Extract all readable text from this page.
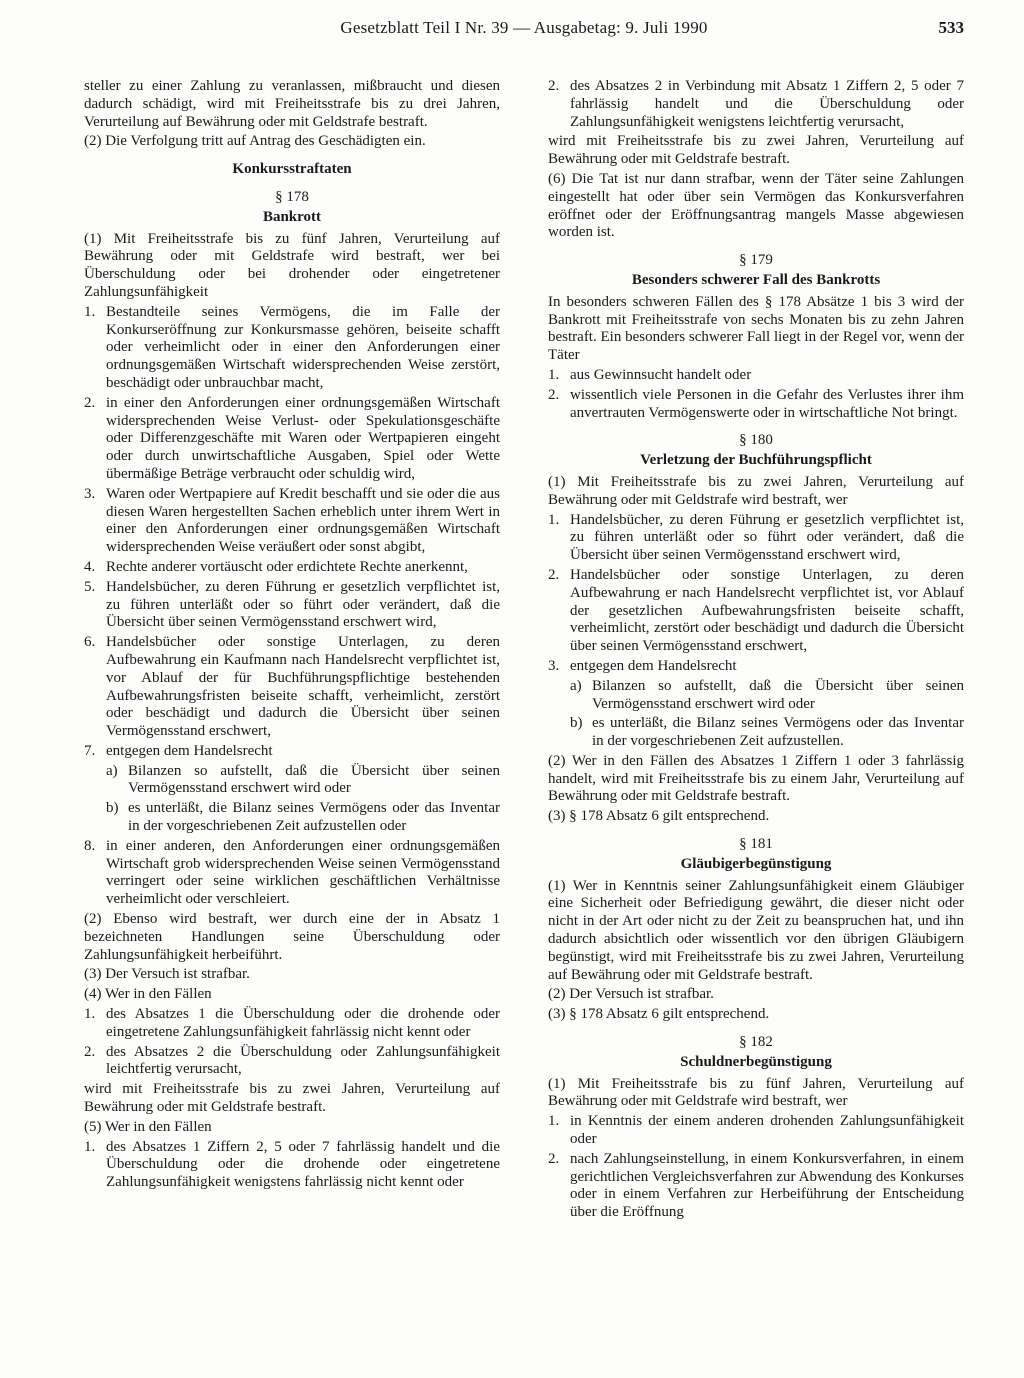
Gesetzblatt Teil I Nr. 39 — Ausgabetag: 9. Juli 1990	533
steller zu einer Zahlung zu veranlassen, mißbraucht und diesen dadurch schädigt, wird mit Freiheitsstrafe bis zu drei Jahren, Verurteilung auf Bewährung oder mit Geldstrafe bestraft.
(2) Die Verfolgung tritt auf Antrag des Geschädigten ein.
Konkursstraftaten
§ 178
Bankrott
(1) Mit Freiheitsstrafe bis zu fünf Jahren, Verurteilung auf Bewährung oder mit Geldstrafe wird bestraft, wer bei Überschuldung oder bei drohender oder eingetretener Zahlungsunfähigkeit
1. Bestandteile seines Vermögens, die im Falle der Konkurseröffnung zur Konkursmasse gehören, beiseite schafft oder verheimlicht oder in einer den Anforderungen einer ordnungsgemäßen Wirtschaft widersprechenden Weise zerstört, beschädigt oder unbrauchbar macht,
2. in einer den Anforderungen einer ordnungsgemäßen Wirtschaft widersprechenden Weise Verlust- oder Spekulationsgeschäfte oder Differenzgeschäfte mit Waren oder Wertpapieren eingeht oder durch unwirtschaftliche Ausgaben, Spiel oder Wette übermäßige Beträge verbraucht oder schuldig wird,
3. Waren oder Wertpapiere auf Kredit beschafft und sie oder die aus diesen Waren hergestellten Sachen erheblich unter ihrem Wert in einer den Anforderungen einer ordnungsgemäßen Wirtschaft widersprechenden Weise veräußert oder sonst abgibt,
4. Rechte anderer vortäuscht oder erdichtete Rechte anerkennt,
5. Handelsbücher, zu deren Führung er gesetzlich verpflichtet ist, zu führen unterläßt oder so führt oder verändert, daß die Übersicht über seinen Vermögensstand erschwert wird,
6. Handelsbücher oder sonstige Unterlagen, zu deren Aufbewahrung ein Kaufmann nach Handelsrecht verpflichtet ist, vor Ablauf der für Buchführungspflichtige bestehenden Aufbewahrungsfristen beiseite schafft, verheimlicht, zerstört oder beschädigt und dadurch die Übersicht über seinen Vermögensstand erschwert,
7. entgegen dem Handelsrecht
a) Bilanzen so aufstellt, daß die Übersicht über seinen Vermögensstand erschwert wird oder
b) es unterläßt, die Bilanz seines Vermögens oder das Inventar in der vorgeschriebenen Zeit aufzustellen oder
8. in einer anderen, den Anforderungen einer ordnungsgemäßen Wirtschaft grob widersprechenden Weise seinen Vermögensstand verringert oder seine wirklichen geschäftlichen Verhältnisse verheimlicht oder verschleiert.
(2) Ebenso wird bestraft, wer durch eine der in Absatz 1 bezeichneten Handlungen seine Überschuldung oder Zahlungsunfähigkeit herbeiführt.
(3) Der Versuch ist strafbar.
(4) Wer in den Fällen
1. des Absatzes 1 die Überschuldung oder die drohende oder eingetretene Zahlungsunfähigkeit fahrlässig nicht kennt oder
2. des Absatzes 2 die Überschuldung oder Zahlungsunfähigkeit leichtfertig verursacht,
wird mit Freiheitsstrafe bis zu zwei Jahren, Verurteilung auf Bewährung oder mit Geldstrafe bestraft.
(5) Wer in den Fällen
1. des Absatzes 1 Ziffern 2, 5 oder 7 fahrlässig handelt und die Überschuldung oder die drohende oder eingetretene Zahlungsunfähigkeit wenigstens fahrlässig nicht kennt oder
2. des Absatzes 2 in Verbindung mit Absatz 1 Ziffern 2, 5 oder 7 fahrlässig handelt und die Überschuldung oder Zahlungsunfähigkeit wenigstens leichtfertig verursacht,
wird mit Freiheitsstrafe bis zu zwei Jahren, Verurteilung auf Bewährung oder mit Geldstrafe bestraft.
(6) Die Tat ist nur dann strafbar, wenn der Täter seine Zahlungen eingestellt hat oder über sein Vermögen das Konkursverfahren eröffnet oder der Eröffnungsantrag mangels Masse abgewiesen worden ist.
§ 179
Besonders schwerer Fall des Bankrotts
In besonders schweren Fällen des § 178 Absätze 1 bis 3 wird der Bankrott mit Freiheitsstrafe von sechs Monaten bis zu zehn Jahren bestraft. Ein besonders schwerer Fall liegt in der Regel vor, wenn der Täter
1. aus Gewinnsucht handelt oder
2. wissentlich viele Personen in die Gefahr des Verlustes ihrer ihm anvertrauten Vermögenswerte oder in wirtschaftliche Not bringt.
§ 180
Verletzung der Buchführungspflicht
(1) Mit Freiheitsstrafe bis zu zwei Jahren, Verurteilung auf Bewährung oder mit Geldstrafe wird bestraft, wer
1. Handelsbücher, zu deren Führung er gesetzlich verpflichtet ist, zu führen unterläßt oder so führt oder verändert, daß die Übersicht über seinen Vermögensstand erschwert wird,
2. Handelsbücher oder sonstige Unterlagen, zu deren Aufbewahrung er nach Handelsrecht verpflichtet ist, vor Ablauf der gesetzlichen Aufbewahrungsfristen beiseite schafft, verheimlicht, zerstört oder beschädigt und dadurch die Übersicht über seinen Vermögensstand erschwert,
3. entgegen dem Handelsrecht
a) Bilanzen so aufstellt, daß die Übersicht über seinen Vermögensstand erschwert wird oder
b) es unterläßt, die Bilanz seines Vermögens oder das Inventar in der vorgeschriebenen Zeit aufzustellen.
(2) Wer in den Fällen des Absatzes 1 Ziffern 1 oder 3 fahrlässig handelt, wird mit Freiheitsstrafe bis zu einem Jahr, Verurteilung auf Bewährung oder mit Geldstrafe bestraft.
(3) § 178 Absatz 6 gilt entsprechend.
§ 181
Gläubigerbegünstigung
(1) Wer in Kenntnis seiner Zahlungsunfähigkeit einem Gläubiger eine Sicherheit oder Befriedigung gewährt, die dieser nicht oder nicht in der Art oder nicht zu der Zeit zu beanspruchen hat, und ihn dadurch absichtlich oder wissentlich vor den übrigen Gläubigern begünstigt, wird mit Freiheitsstrafe bis zu zwei Jahren, Verurteilung auf Bewährung oder mit Geldstrafe bestraft.
(2) Der Versuch ist strafbar.
(3) § 178 Absatz 6 gilt entsprechend.
§ 182
Schuldnerbegünstigung
(1) Mit Freiheitsstrafe bis zu fünf Jahren, Verurteilung auf Bewährung oder mit Geldstrafe wird bestraft, wer
1. in Kenntnis der einem anderen drohenden Zahlungsunfähigkeit oder
2. nach Zahlungseinstellung, in einem Konkursverfahren, in einem gerichtlichen Vergleichsverfahren zur Abwendung des Konkurses oder in einem Verfahren zur Herbeiführung der Entscheidung über die Eröffnung
